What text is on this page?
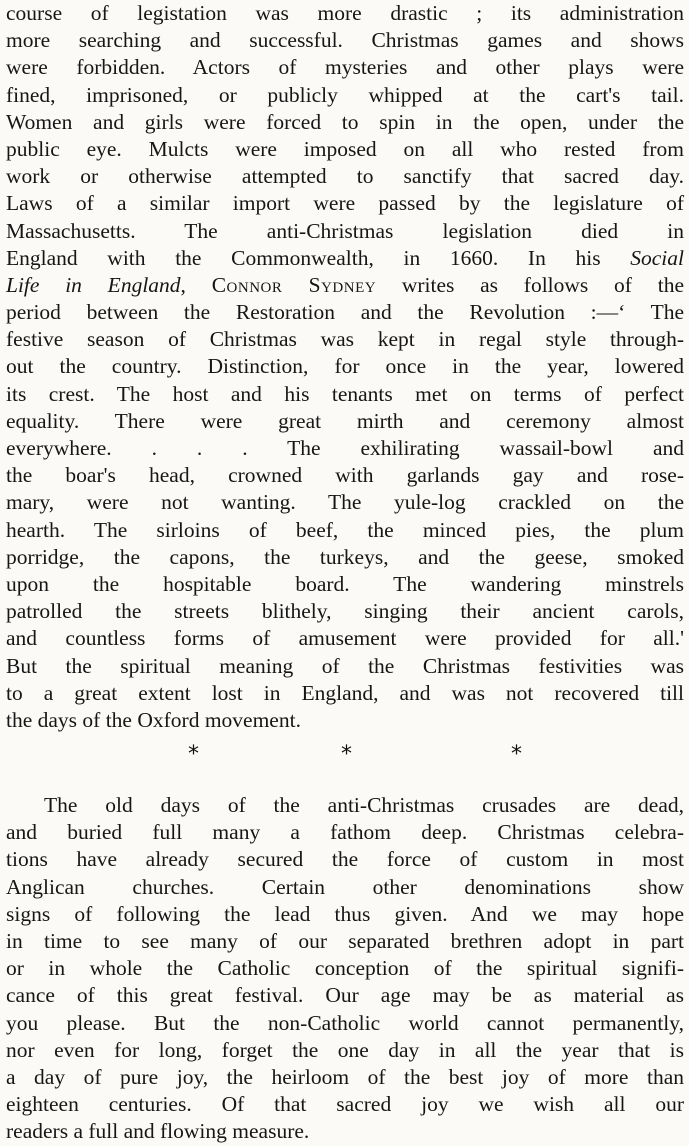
course of legistation was more drastic ; its administration
more searching and successful. Christmas games and shows
were forbidden. Actors of mysteries and other plays were
fined, imprisoned, or publicly whipped at the cart's tail.
Women and girls were forced to spin in the open, under the
public eye. Mulcts were imposed on all who rested from
work or otherwise attempted to sanctify that sacred day.
Laws of a similar import were passed by the legislature of
Massachusetts. The anti-Christmas legislation died in
England with the Commonwealth, in 1660. In his Social
Life in England, Connor Sydney writes as follows of the
period between the Restoration and the Revolution :—‘ The
festive season of Christmas was kept in regal style through-
out the country. Distinction, for once in the year, lowered
its crest. The host and his tenants met on terms of perfect
equality. There were great mirth and ceremony almost
everywhere. . . . The exhilirating wassail-bowl and
the boar's head, crowned with garlands gay and rose-
mary, were not wanting. The yule-log crackled on the
hearth. The sirloins of beef, the minced pies, the plum
porridge, the capons, the turkeys, and the geese, smoked
upon the hospitable board. The wandering minstrels
patrolled the streets blithely, singing their ancient carols,
and countless forms of amusement were provided for all.'
But the spiritual meaning of the Christmas festivities was
to a great extent lost in England, and was not recovered till
the days of the Oxford movement.
*	*	*
The old days of the anti-Christmas crusades are dead,
and buried full many a fathom deep. Christmas celebra-
tions have already secured the force of custom in most
Anglican churches. Certain other denominations show
signs of following the lead thus given. And we may hope
in time to see many of our separated brethren adopt in part
or in whole the Catholic conception of the spiritual signifi-
cance of this great festival. Our age may be as material as
you please. But the non-Catholic world cannot permanently,
nor even for long, forget the one day in all the year that is
a day of pure joy, the heirloom of the best joy of more than
eighteen centuries. Of that sacred joy we wish all our
readers a full and flowing measure.
